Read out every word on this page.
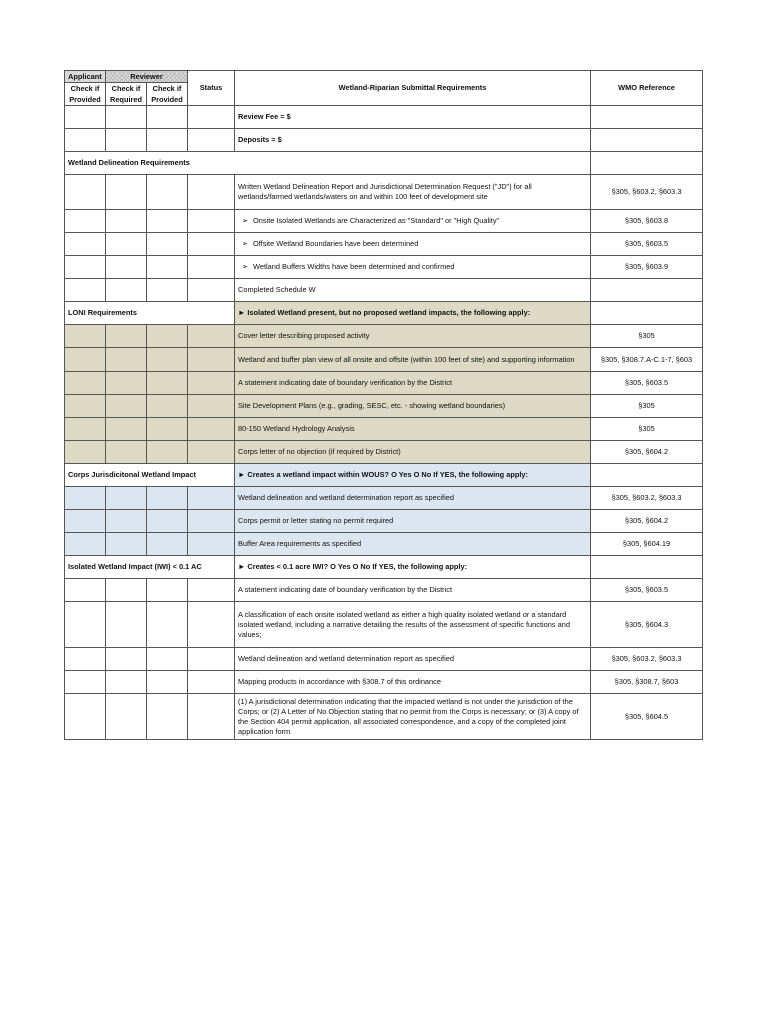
Applicant	Reviewer		Status	Wetland-Riparian Submittal Requirements	WMO Reference
Check if	Check if	Check if			
Provided	Required	Provided			
				Review Fee = $	
				Deposits = $	
Wetland Delineation Requirements					
				Written Wetland Delineation Report and Jurisdictional Determination Request ("JD") for all wetlands/farmed wetlands/waters on and within 100 feet of development site	§305, §603.2, §603.3
				➢ Onsite Isolated Wetlands are Characterized as "Standard" or "High Quality"	§305, §603.8
				➢ Offsite Wetland Boundaries have been determined	§305, §603.5
				➢ Wetland Buffers Widths have been determined and confirmed	§305, §603.9
				Completed Schedule W	
LONI Requirements				► Isolated Wetland present, but no proposed wetland impacts, the following apply:	
				Cover letter describing proposed activity	§305
				Wetland and buffer plan view of all onsite and offsite (within 100 feet of site) and supporting information	§305, §308.7.A-C.1-7, §603
				A statement indicating date of boundary verification by the District	§305, §603.5
				Site Development Plans (e.g., grading, SESC, etc. - showing wetland boundaries)	§305
				80-150 Wetland Hydrology Analysis	§305
				Corps letter of no objection (if required by District)	§305, §604.2
Corps Jurisdicitonal Wetland Impact				► Creates a wetland impact within WOUS? O Yes O No If YES, the following apply:	
				Wetland delineation and wetland determination report as specified	§305, §603.2, §603.3
				Corps permit or letter stating no permit required	§305, §604.2
				Buffer Area requirements as specified	§305, §604.19
Isolated Wetland Impact (IWI) < 0.1 AC				► Creates < 0.1 acre IWI? O Yes O No If YES, the following apply:	
				A statement indicating date of boundary verification by the District	§305, §603.5
				A classification of each onsite isolated wetland as either a high quality isolated wetland or a standard isolated wetland, including a narrative detailing the results of the assessment of specific functions and values;	§305, §604.3
				Wetland delineation and wetland determination report as specified	§305, §603.2, §603.3
				Mapping products in accordance with §308.7 of this ordinance	§305, §308.7, §603
				(1) A jurisdictional determination indicating that the impacted wetland is not under the jurisdiction of the Corps; or (2) A Letter of No Objection stating that no permit from the Corps is necessary; or (3) A copy of the Section 404 permit application, all associated correspondence, and a copy of the completed joint application form	§305, §604.5
